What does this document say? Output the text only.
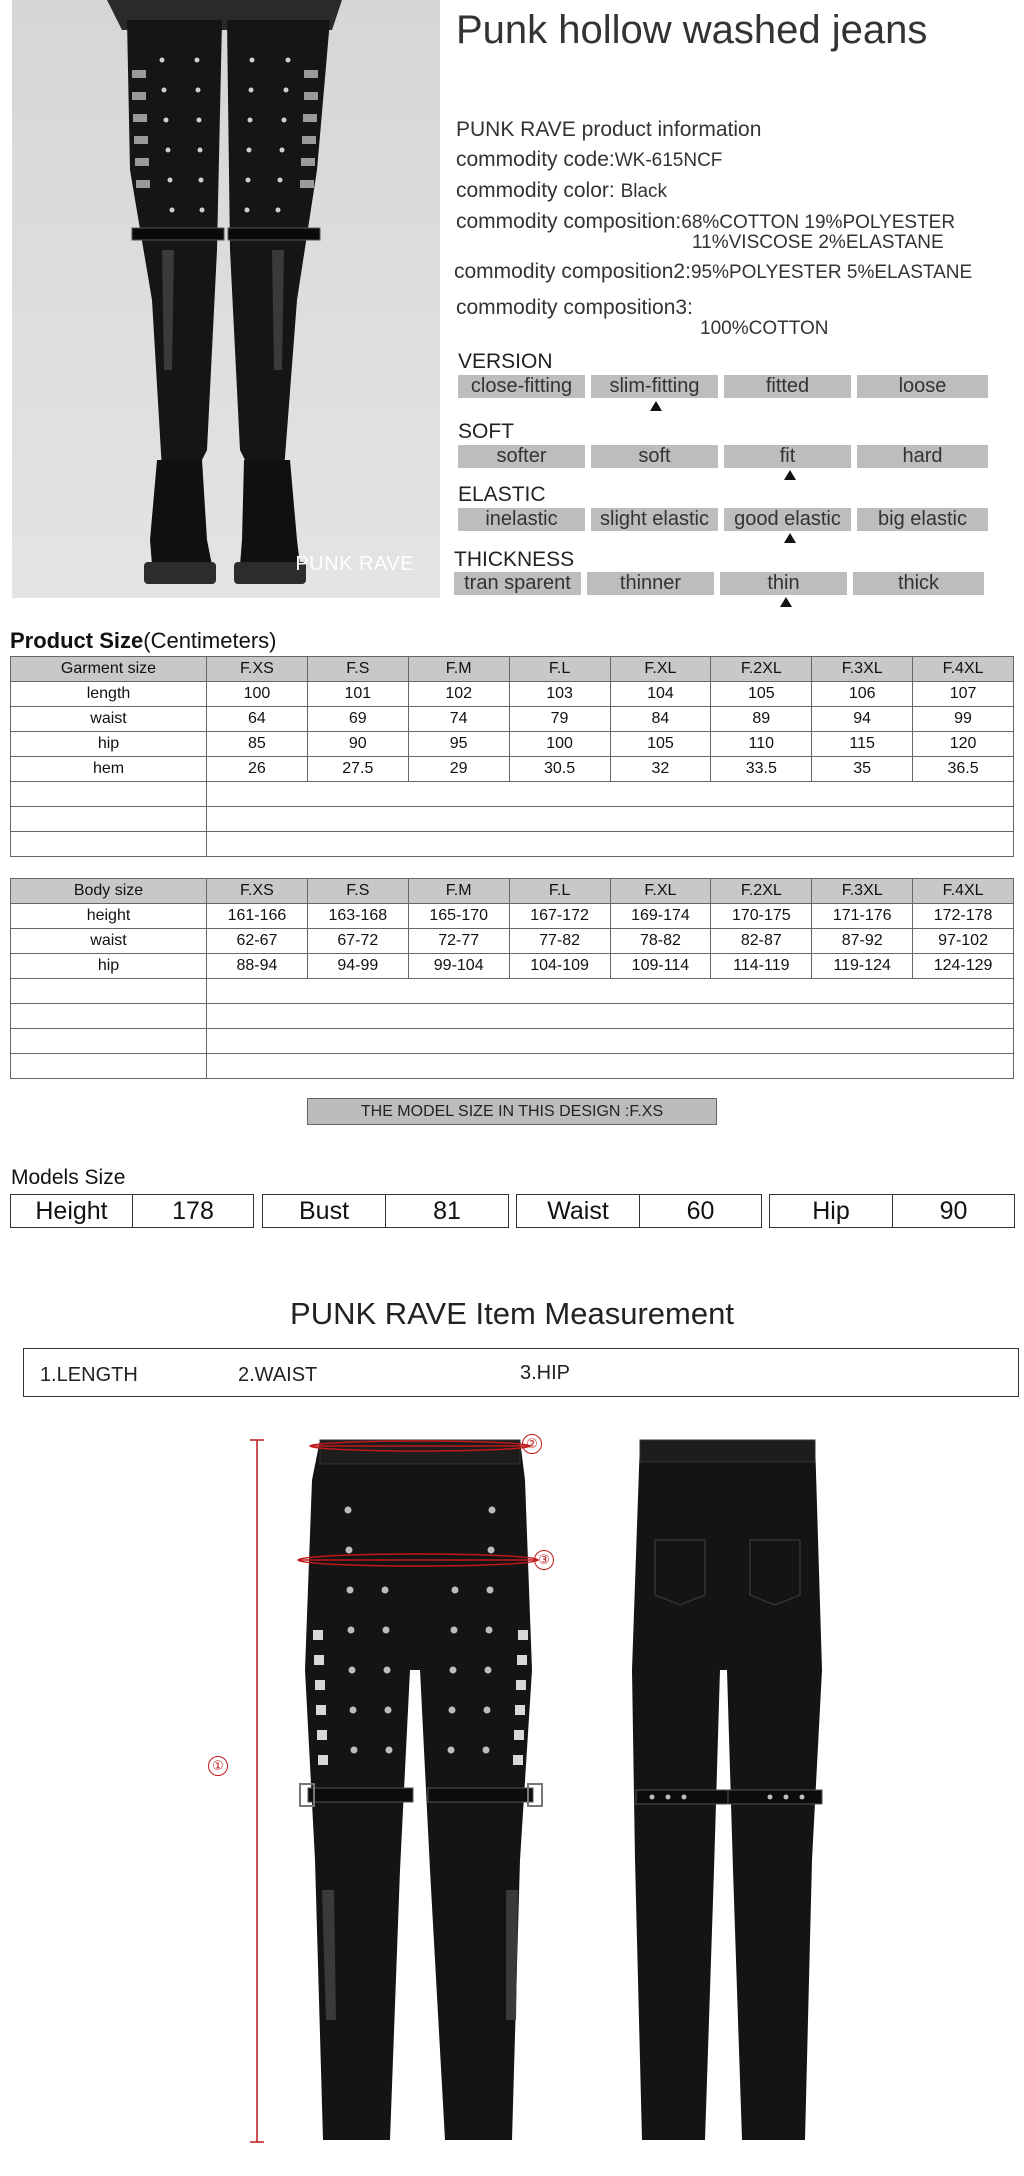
PUNK RAVE
Punk hollow washed jeans
PUNK RAVE product information
commodity code:WK-615NCF
commodity color: Black
commodity composition:68%COTTON 19%POLYESTER
11%VISCOSE 2%ELASTANE
commodity composition2:95%POLYESTER 5%ELASTANE
commodity composition3:
100%COTTON
VERSION
close-fitting	slim-fitting	fitted	loose
SOFT
softer	soft	fit	hard
ELASTIC
inelastic	slight elastic	good elastic	big elastic
THICKNESS
tran sparent	thinner	thin	thick
Product Size(Centimeters)
Garment size	F.XS	F.S	F.M	F.L	F.XL	F.2XL	F.3XL	F.4XL
length	100	101	102	103	104	105	106	107
waist	64	69	74	79	84	89	94	99
hip	85	90	95	100	105	110	115	120
hem	26	27.5	29	30.5	32	33.5	35	36.5

Body size	F.XS	F.S	F.M	F.L	F.XL	F.2XL	F.3XL	F.4XL
height	161-166	163-168	165-170	167-172	169-174	170-175	171-176	172-178
waist	62-67	67-72	72-77	77-82	78-82	82-87	87-92	97-102
hip	88-94	94-99	99-104	104-109	109-114	114-119	119-124	124-129

THE MODEL SIZE IN THIS DESIGN :F.XS
Models Size
Height	178	Bust	81	Waist	60	Hip	90
PUNK RAVE Item Measurement
1.LENGTH	2.WAIST	3.HIP
①
②
③
